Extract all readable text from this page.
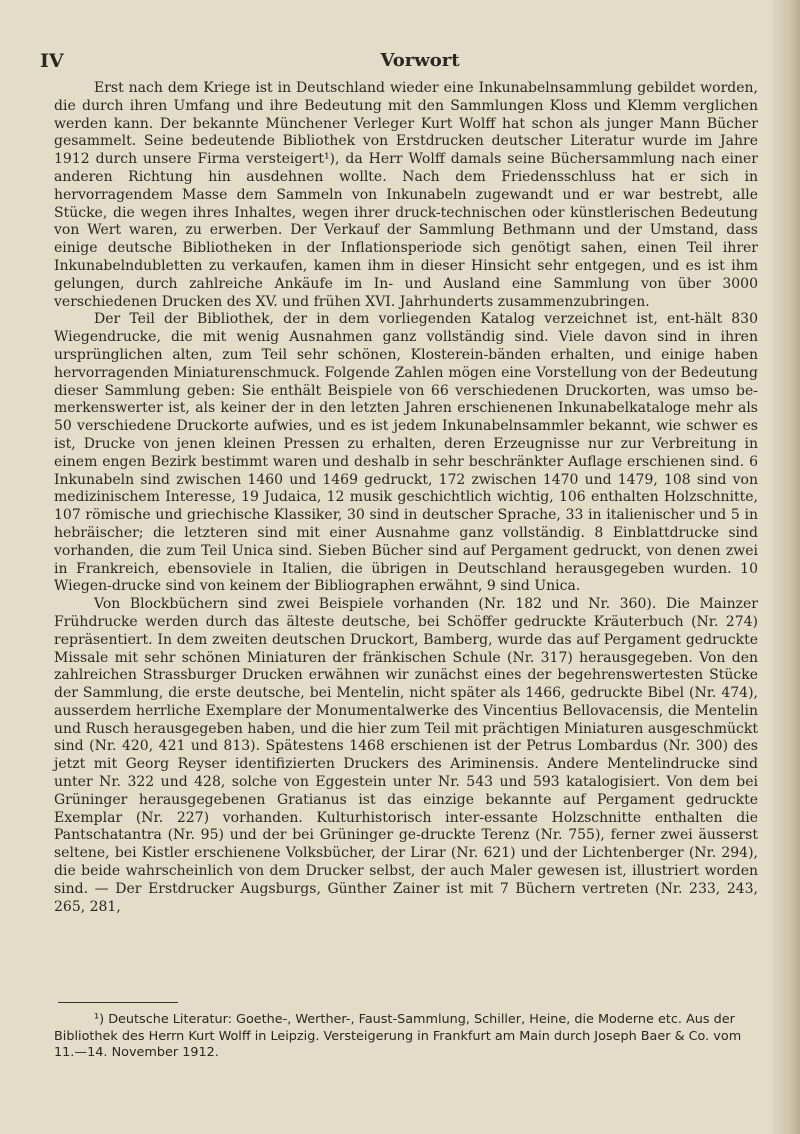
IV	Vorwort

Erst nach dem Kriege ist in Deutschland wieder eine Inkunabelnsammlung gebildet worden, die durch ihren Umfang und ihre Bedeutung mit den Sammlungen Kloss und Klemm verglichen werden kann. Der bekannte Münchener Verleger Kurt Wolff hat schon als junger Mann Bücher gesammelt. Seine bedeutende Bibliothek von Erstdrucken deutscher Literatur wurde im Jahre 1912 durch unsere Firma versteigert¹), da Herr Wolff damals seine Büchersammlung nach einer anderen Richtung hin ausdehnen wollte. Nach dem Friedensschluss hat er sich in hervorragendem Masse dem Sammeln von Inkunabeln zugewandt und er war bestrebt, alle Stücke, die wegen ihres Inhaltes, wegen ihrer druck-technischen oder künstlerischen Bedeutung von Wert waren, zu erwerben. Der Verkauf der Sammlung Bethmann und der Umstand, dass einige deutsche Bibliotheken in der Inflationsperiode sich genötigt sahen, einen Teil ihrer Inkunabelndubletten zu verkaufen, kamen ihm in dieser Hinsicht sehr entgegen, und es ist ihm gelungen, durch zahlreiche Ankäufe im In- und Ausland eine Sammlung von über 3000 verschiedenen Drucken des XV. und frühen XVI. Jahrhunderts zusammenzubringen.

Der Teil der Bibliothek, der in dem vorliegenden Katalog verzeichnet ist, ent-hält 830 Wiegendrucke, die mit wenig Ausnahmen ganz vollständig sind. Viele davon sind in ihren ursprünglichen alten, zum Teil sehr schönen, Klosterein-bänden erhalten, und einige haben hervorragenden Miniaturenschmuck. Folgende Zahlen mögen eine Vorstellung von der Bedeutung dieser Sammlung geben: Sie enthält Beispiele von 66 verschiedenen Druckorten, was umso be-merkenswerter ist, als keiner der in den letzten Jahren erschienenen Inkunabelkataloge mehr als 50 verschiedene Druckorte aufwies, und es ist jedem Inkunabelnsammler bekannt, wie schwer es ist, Drucke von jenen kleinen Pressen zu erhalten, deren Erzeugnisse nur zur Verbreitung in einem engen Bezirk bestimmt waren und deshalb in sehr beschränkter Auflage erschienen sind. 6 Inkunabeln sind zwischen 1460 und 1469 gedruckt, 172 zwischen 1470 und 1479, 108 sind von medizinischem Interesse, 19 Judaica, 12 musik geschichtlich wichtig, 106 enthalten Holzschnitte, 107 römische und griechische Klassiker, 30 sind in deutscher Sprache, 33 in italienischer und 5 in hebräischer; die letzteren sind mit einer Ausnahme ganz vollständig. 8 Einblattdrucke sind vorhanden, die zum Teil Unica sind. Sieben Bücher sind auf Pergament gedruckt, von denen zwei in Frankreich, ebensoviele in Italien, die übrigen in Deutschland herausgegeben wurden. 10 Wiegen-drucke sind von keinem der Bibliographen erwähnt, 9 sind Unica.

Von Blockbüchern sind zwei Beispiele vorhanden (Nr. 182 und Nr. 360). Die Mainzer Frühdrucke werden durch das älteste deutsche, bei Schöffer gedruckte Kräuterbuch (Nr. 274) repräsentiert. In dem zweiten deutschen Druckort, Bamberg, wurde das auf Pergament gedruckte Missale mit sehr schönen Miniaturen der fränkischen Schule (Nr. 317) herausgegeben. Von den zahlreichen Strassburger Drucken erwähnen wir zunächst eines der begehrenswertesten Stücke der Sammlung, die erste deutsche, bei Mentelin, nicht später als 1466, gedruckte Bibel (Nr. 474), ausserdem herrliche Exemplare der Monumentalwerke des Vincentius Bellovacensis, die Mentelin und Rusch herausgegeben haben, und die hier zum Teil mit prächtigen Miniaturen ausgeschmückt sind (Nr. 420, 421 und 813). Spätestens 1468 erschienen ist der Petrus Lombardus (Nr. 300) des jetzt mit Georg Reyser identifizierten Druckers des Ariminensis. Andere Mentelindrucke sind unter Nr. 322 und 428, solche von Eggestein unter Nr. 543 und 593 katalogisiert. Von dem bei Grüninger herausgegebenen Gratianus ist das einzige bekannte auf Pergament gedruckte Exemplar (Nr. 227) vorhanden. Kulturhistorisch inter-essante Holzschnitte enthalten die Pantschatantra (Nr. 95) und der bei Grüninger ge-druckte Terenz (Nr. 755), ferner zwei äusserst seltene, bei Kistler erschienene Volksbücher, der Lirar (Nr. 621) und der Lichtenberger (Nr. 294), die beide wahrscheinlich von dem Drucker selbst, der auch Maler gewesen ist, illustriert worden sind. — Der Erstdrucker Augsburgs, Günther Zainer ist mit 7 Büchern vertreten (Nr. 233, 243, 265, 281,

¹) Deutsche Literatur: Goethe-, Werther-, Faust-Sammlung, Schiller, Heine, die Moderne etc. Aus der Bibliothek des Herrn Kurt Wolff in Leipzig. Versteigerung in Frankfurt am Main durch Joseph Baer & Co. vom 11.—14. November 1912.
